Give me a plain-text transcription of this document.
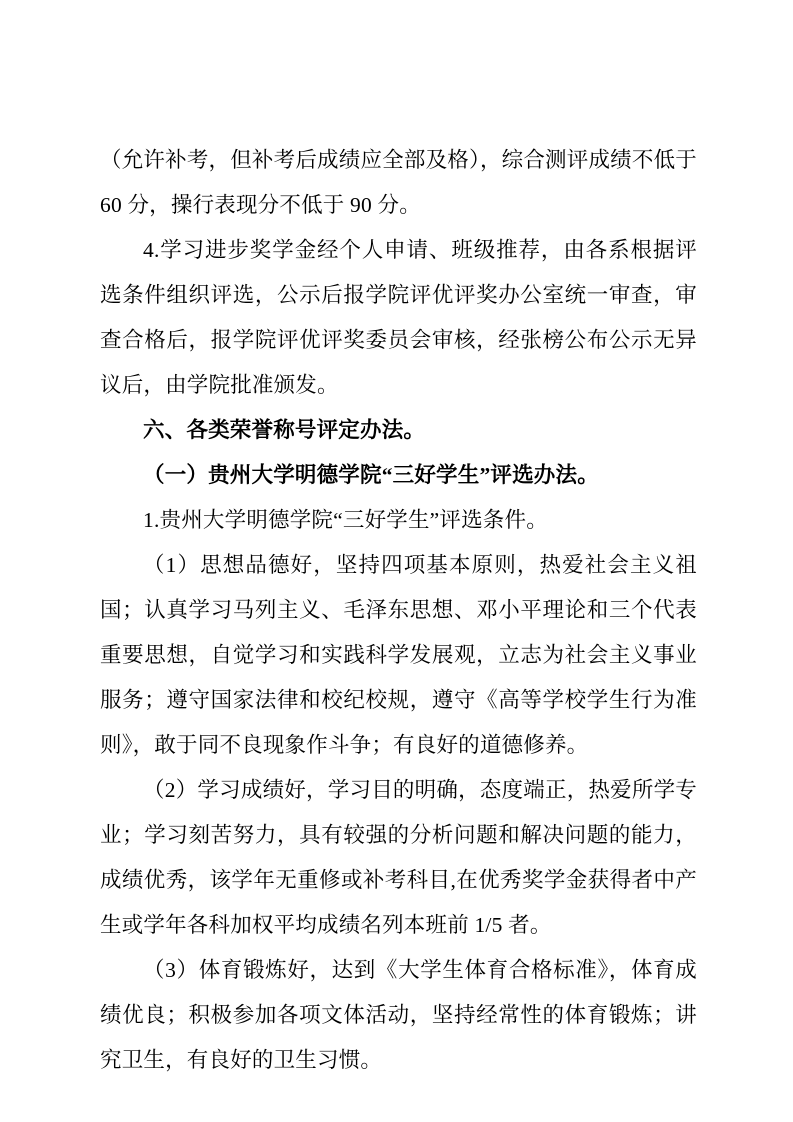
（允许补考，但补考后成绩应全部及格），综合测评成绩不低于 60 分，操行表现分不低于 90 分。

4.学习进步奖学金经个人申请、班级推荐，由各系根据评选条件组织评选，公示后报学院评优评奖办公室统一审查，审查合格后，报学院评优评奖委员会审核，经张榜公布公示无异议后，由学院批准颁发。

六、各类荣誉称号评定办法。

（一）贵州大学明德学院“三好学生”评选办法。

1.贵州大学明德学院“三好学生”评选条件。

（1）思想品德好，坚持四项基本原则，热爱社会主义祖国；认真学习马列主义、毛泽东思想、邓小平理论和三个代表重要思想，自觉学习和实践科学发展观，立志为社会主义事业服务；遵守国家法律和校纪校规，遵守《高等学校学生行为准则》，敢于同不良现象作斗争；有良好的道德修养。

（2）学习成绩好，学习目的明确，态度端正，热爱所学专业；学习刻苦努力，具有较强的分析问题和解决问题的能力，成绩优秀，该学年无重修或补考科目,在优秀奖学金获得者中产生或学年各科加权平均成绩名列本班前 1/5 者。

（3）体育锻炼好，达到《大学生体育合格标准》，体育成绩优良；积极参加各项文体活动，坚持经常性的体育锻炼；讲究卫生，有良好的卫生习惯。
